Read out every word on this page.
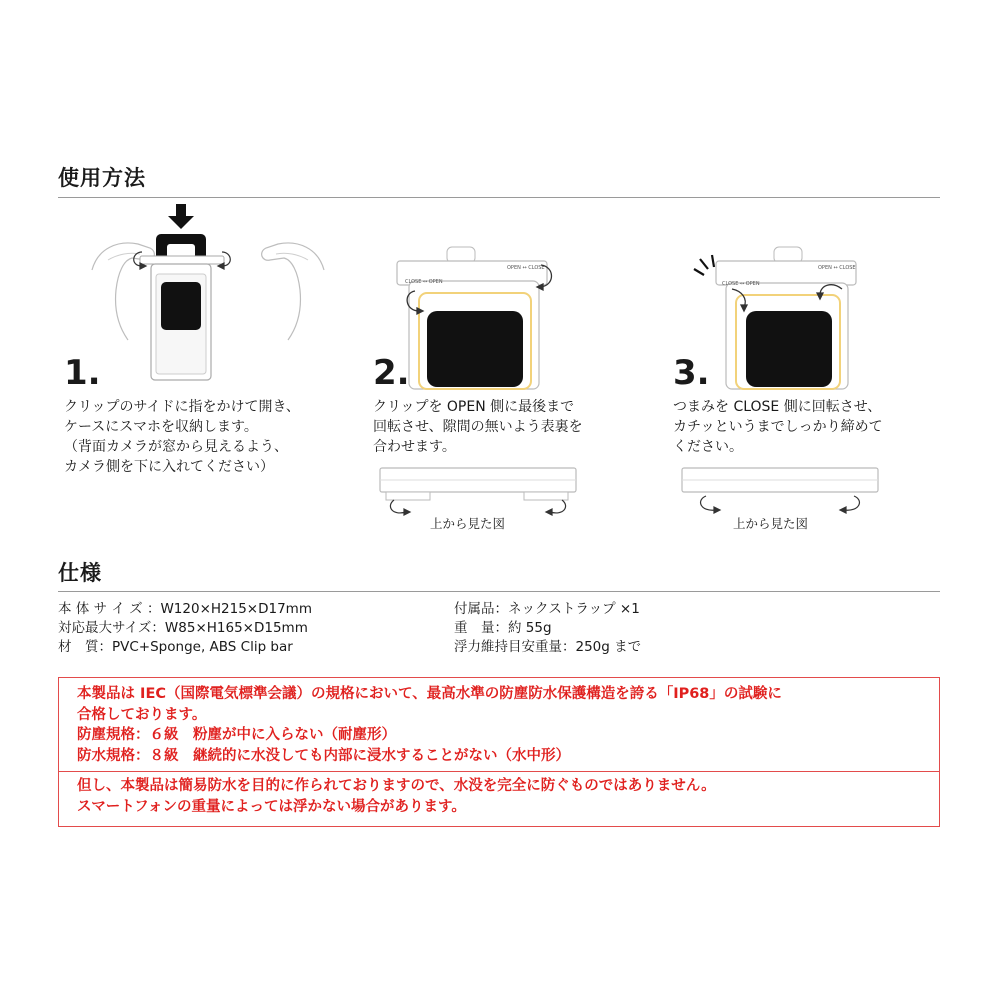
使用方法
1.
クリップのサイドに指をかけて開き、
ケースにスマホを収納します。
（背面カメラが窓から見えるよう、
カメラ側を下に入れてください）
OPEN ↔ CLOSE
CLOSE ↔ OPEN
2.
クリップを OPEN 側に最後まで
回転させ、隙間の無いよう表裏を
合わせます。
上から見た図
OPEN ↔ CLOSE
CLOSE ↔ OPEN
3.
つまみを CLOSE 側に回転させ、
カチッというまでしっかり締めて
ください。
上から見た図
仕様
本 体 サ イ ズ ：W120×H215×D17mm
対応最大サイズ：W85×H165×D15mm
材　質：PVC+Sponge, ABS Clip bar
付属品：ネックストラップ ×1
重　量：約 55g
浮力維持目安重量：250g まで

本製品は IEC（国際電気標準会議）の規格において、最高水準の防塵防水保護構造を誇る「IP68」の試験に

合格しております。

防塵規格：６級　粉塵が中に入らない（耐塵形）

防水規格：８級　継続的に水没しても内部に浸水することがない（水中形）

但し、本製品は簡易防水を目的に作られておりますので、水没を完全に防ぐものではありません。

スマートフォンの重量によっては浮かない場合があります。
